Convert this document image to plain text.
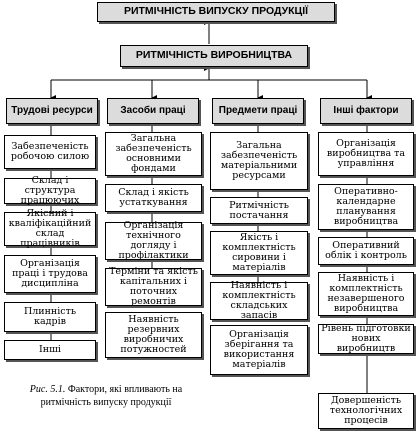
РИТМІЧНІСТЬ ВИПУСКУ ПРОДУКЦІЇ
РИТМІЧНІСТЬ ВИРОБНИЦТВА
Трудові ресурси	Засоби праці	Предмети праці	Інші фактори
Забезпеченість робочою силою
Склад і структура працюючих
Якісний і кваліфікаційний склад працівників
Організація праці і трудова дисципліна
Плинність кадрів
Інші
Загальна забезпеченість основними фондами
Склад і якість устаткування
Організація технічного догляду і профілактики
Терміни та якість капітальних і поточних ремонтів
Наявність резервних виробничих потужностей
Загальна забезпеченість матеріальними ресурсами
Ритмічність постачання
Якість і комплектність сировини і матеріалів
Наявність і комплектність складських запасів
Організація зберігання та використання матеріалів
Організація виробництва та управління
Оперативно-календарне планування виробництва
Оперативний облік і контроль
Наявність і комплектність незавершеного виробництва
Рівень підготовки нових виробництв
Довершеність технологічних процесів
Рис. 5.1. Фактори, які впливають на ритмічність випуску продукції
